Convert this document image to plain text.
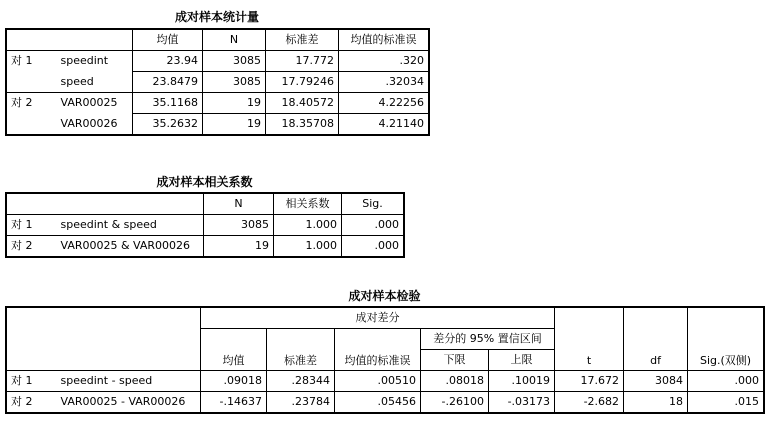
成对样本统计量
		均值	N	标准差	均值的标准误
对 1	speedint	23.94	3085	17.772	.320
	speed	23.8479	3085	17.79246	.32034
对 2	VAR00025	35.1168	19	18.40572	4.22256
	VAR00026	35.2632	19	18.35708	4.21140
成对样本相关系数
		N	相关系数	Sig.
对 1	speedint & speed	3085	1.000	.000
对 2	VAR00025 & VAR00026	19	1.000	.000
成对样本检验
		成对差分					t	df	Sig.(双侧)
		均值	标准差	均值的标准误	差分的 95% 置信区间				
					下限	上限			
对 1	speedint - speed	.09018	.28344	.00510	.08018	.10019	17.672	3084	.000
对 2	VAR00025 - VAR00026	-.14637	.23784	.05456	-.26100	-.03173	-2.682	18	.015
